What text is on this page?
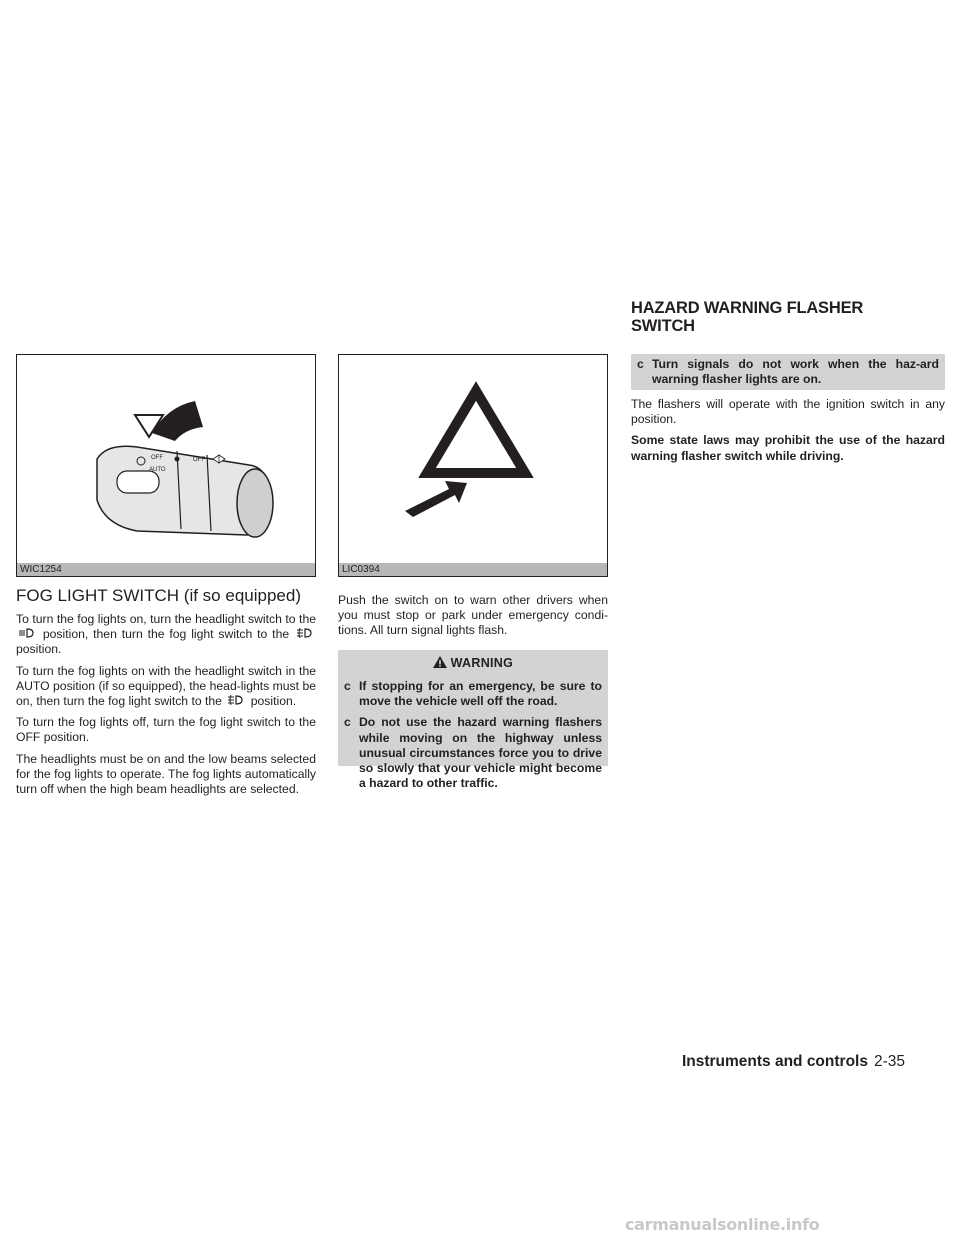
HAZARD WARNING FLASHER
SWITCH
OFF
AUTO
OFF
WIC1254	LIC0394
FOG LIGHT SWITCH (if so equipped)

To turn the fog lights on, turn the headlight switch to the  position, then turn the fog light switch to the  position.

To turn the fog lights on with the headlight switch in the AUTO position (if so equipped), the head-lights must be on, then turn the fog light switch to the position.

To turn the fog lights off, turn the fog light switch to the OFF position.

The headlights must be on and the low beams selected for the fog lights to operate. The fog lights automatically turn off when the high beam headlights are selected.

Push the switch on to warn other drivers when you must stop or park under emergency condi-tions. All turn signal lights flash.

WARNING
c If stopping for an emergency, be sure to move the vehicle well off the road.
c Do not use the hazard warning flashers while moving on the highway unless unusual circumstances force you to drive so slowly that your vehicle might become a hazard to other traffic.
c Turn signals do not work when the haz-ard warning flasher lights are on.

The flashers will operate with the ignition switch in any position.

Some state laws may prohibit the use of the hazard warning flasher switch while driving.

Instruments and controls 2-35
carmanualsonline.info
